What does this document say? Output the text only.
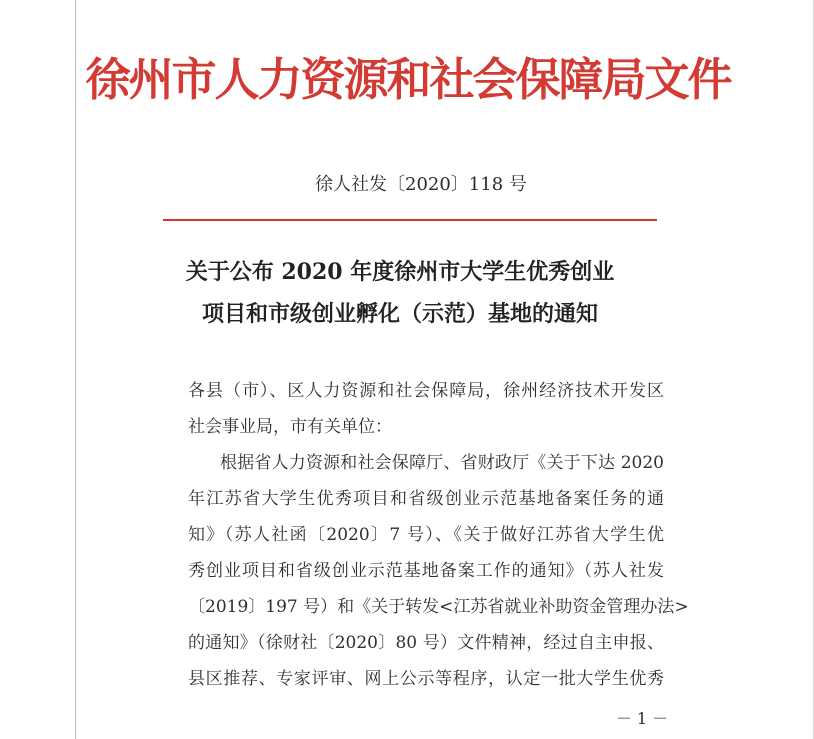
徐州市人力资源和社会保障局文件
徐人社发〔2020〕118 号
关于公布 2020 年度徐州市大学生优秀创业
项目和市级创业孵化（示范）基地的通知
各县（市）、区人力资源和社会保障局，徐州经济技术开发区
社会事业局，市有关单位：
根据省人力资源和社会保障厅、省财政厅《关于下达 2020
年江苏省大学生优秀项目和省级创业示范基地备案任务的通
知》（苏人社函〔2020〕7 号）、《关于做好江苏省大学生优
秀创业项目和省级创业示范基地备案工作的通知》（苏人社发
〔2019〕197 号）和《关于转发<江苏省就业补助资金管理办法>
的通知》（徐财社〔2020〕80 号）文件精神，经过自主申报、
县区推荐、专家评审、网上公示等程序，认定一批大学生优秀
－ 1 －
